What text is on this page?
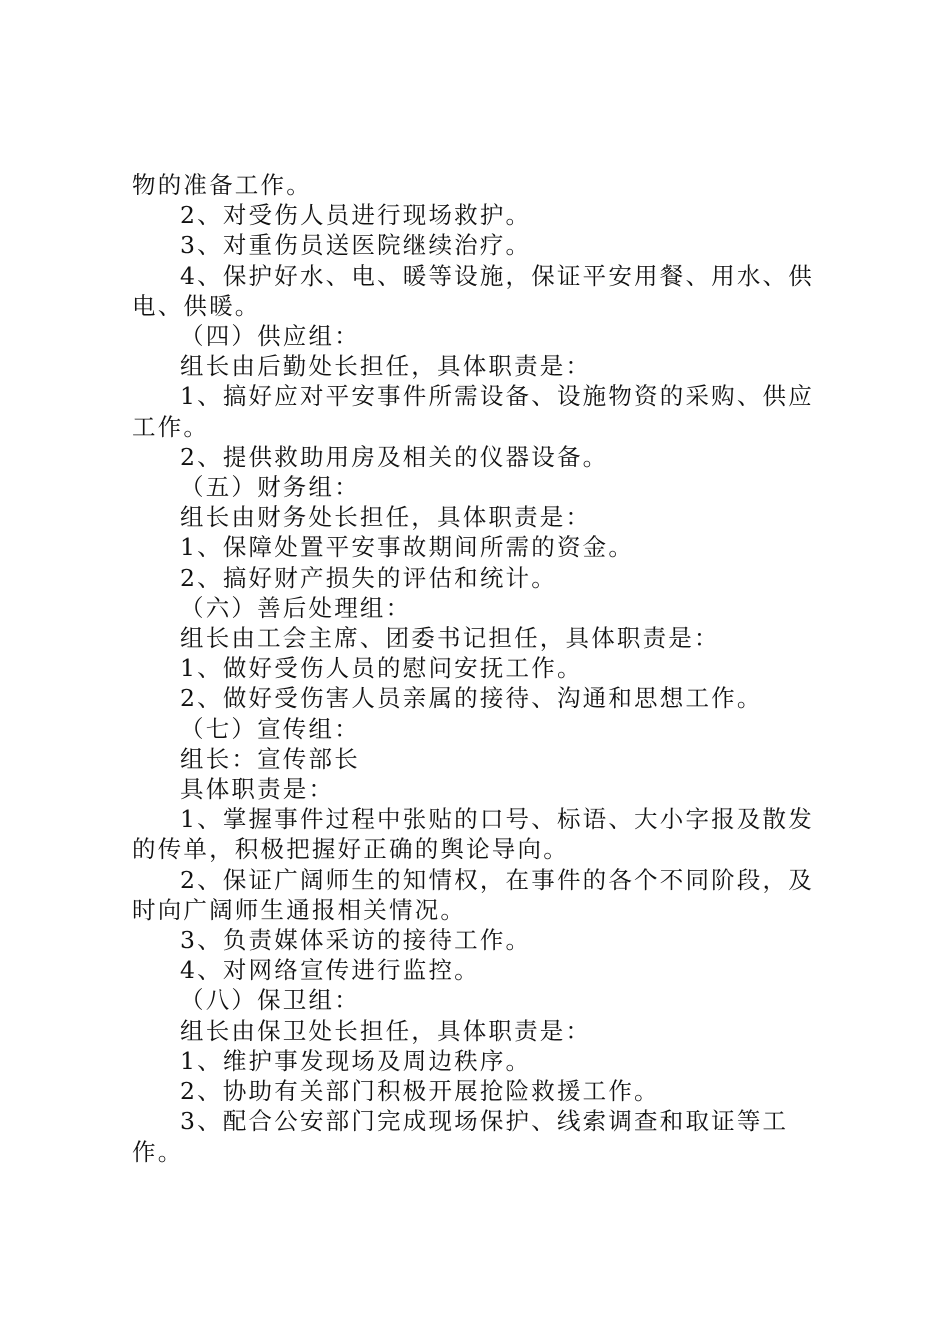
物的准备工作。

2、对受伤人员进行现场救护。

3、对重伤员送医院继续治疗。

4、保护好水、电、暖等设施，保证平安用餐、用水、供电、供暖。

（四）供应组：

组长由后勤处长担任，具体职责是：

1、搞好应对平安事件所需设备、设施物资的采购、供应工作。

2、提供救助用房及相关的仪器设备。

（五）财务组：

组长由财务处长担任，具体职责是：

1、保障处置平安事故期间所需的资金。

2、搞好财产损失的评估和统计。

（六）善后处理组：

组长由工会主席、团委书记担任，具体职责是：

1、做好受伤人员的慰问安抚工作。

2、做好受伤害人员亲属的接待、沟通和思想工作。

（七）宣传组：

组长：宣传部长

具体职责是：

1、掌握事件过程中张贴的口号、标语、大小字报及散发的传单，积极把握好正确的舆论导向。

2、保证广阔师生的知情权，在事件的各个不同阶段，及时向广阔师生通报相关情况。

3、负责媒体采访的接待工作。

4、对网络宣传进行监控。

（八）保卫组：

组长由保卫处长担任，具体职责是：

1、维护事发现场及周边秩序。

2、协助有关部门积极开展抢险救援工作。

3、配合公安部门完成现场保护、线索调查和取证等工作。
